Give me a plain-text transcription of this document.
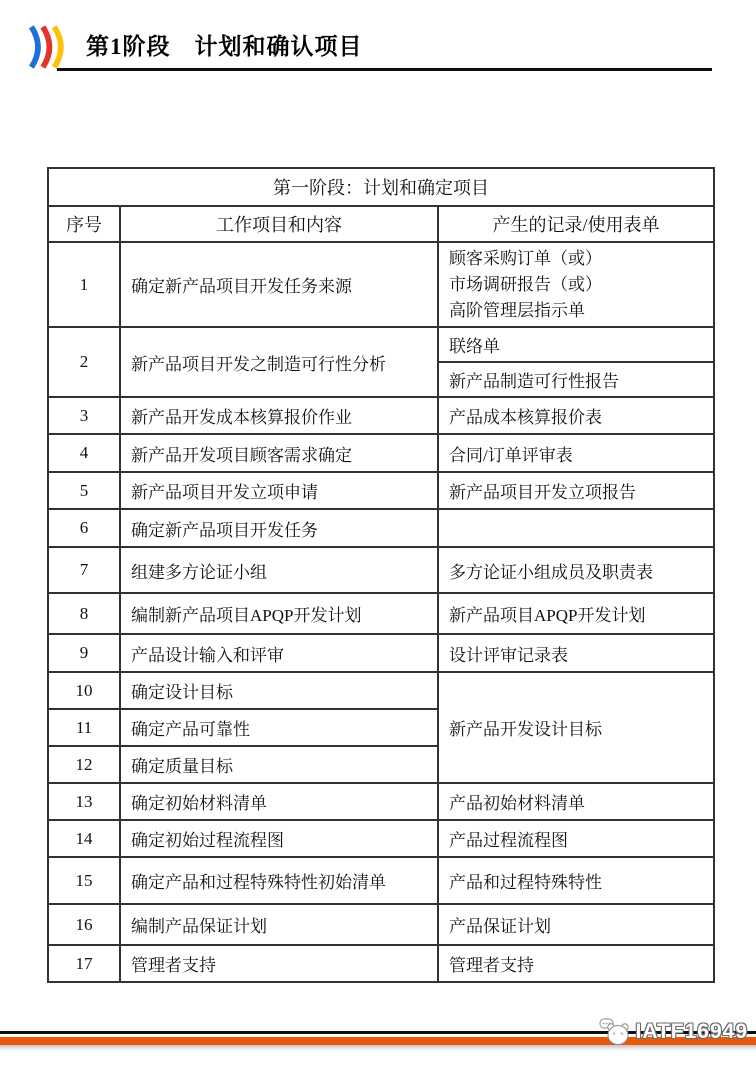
第1阶段　计划和确认项目
第一阶段：计划和确定项目		
序号	工作项目和内容	产生的记录/使用表单
1	确定新产品项目开发任务来源	顾客采购订单（或）
市场调研报告（或）
高阶管理层指示单

2	新产品项目开发之制造可行性分析	联络单
		新产品制造可行性报告
3	新产品开发成本核算报价作业	产品成本核算报价表
4	新产品开发项目顾客需求确定	合同/订单评审表
5	新产品项目开发立项申请	新产品项目开发立项报告
6	确定新产品项目开发任务	
7	组建多方论证小组	多方论证小组成员及职责表
8	编制新产品项目APQP开发计划	新产品项目APQP开发计划
9	产品设计输入和评审	设计评审记录表
10	确定设计目标	新产品开发设计目标
11	确定产品可靠性	
12	确定质量目标	
13	确定初始材料清单	产品初始材料清单
14	确定初始过程流程图	产品过程流程图
15	确定产品和过程特殊特性初始清单	产品和过程特殊特性
16	编制产品保证计划	产品保证计划
17	管理者支持	管理者支持
IATF16949
